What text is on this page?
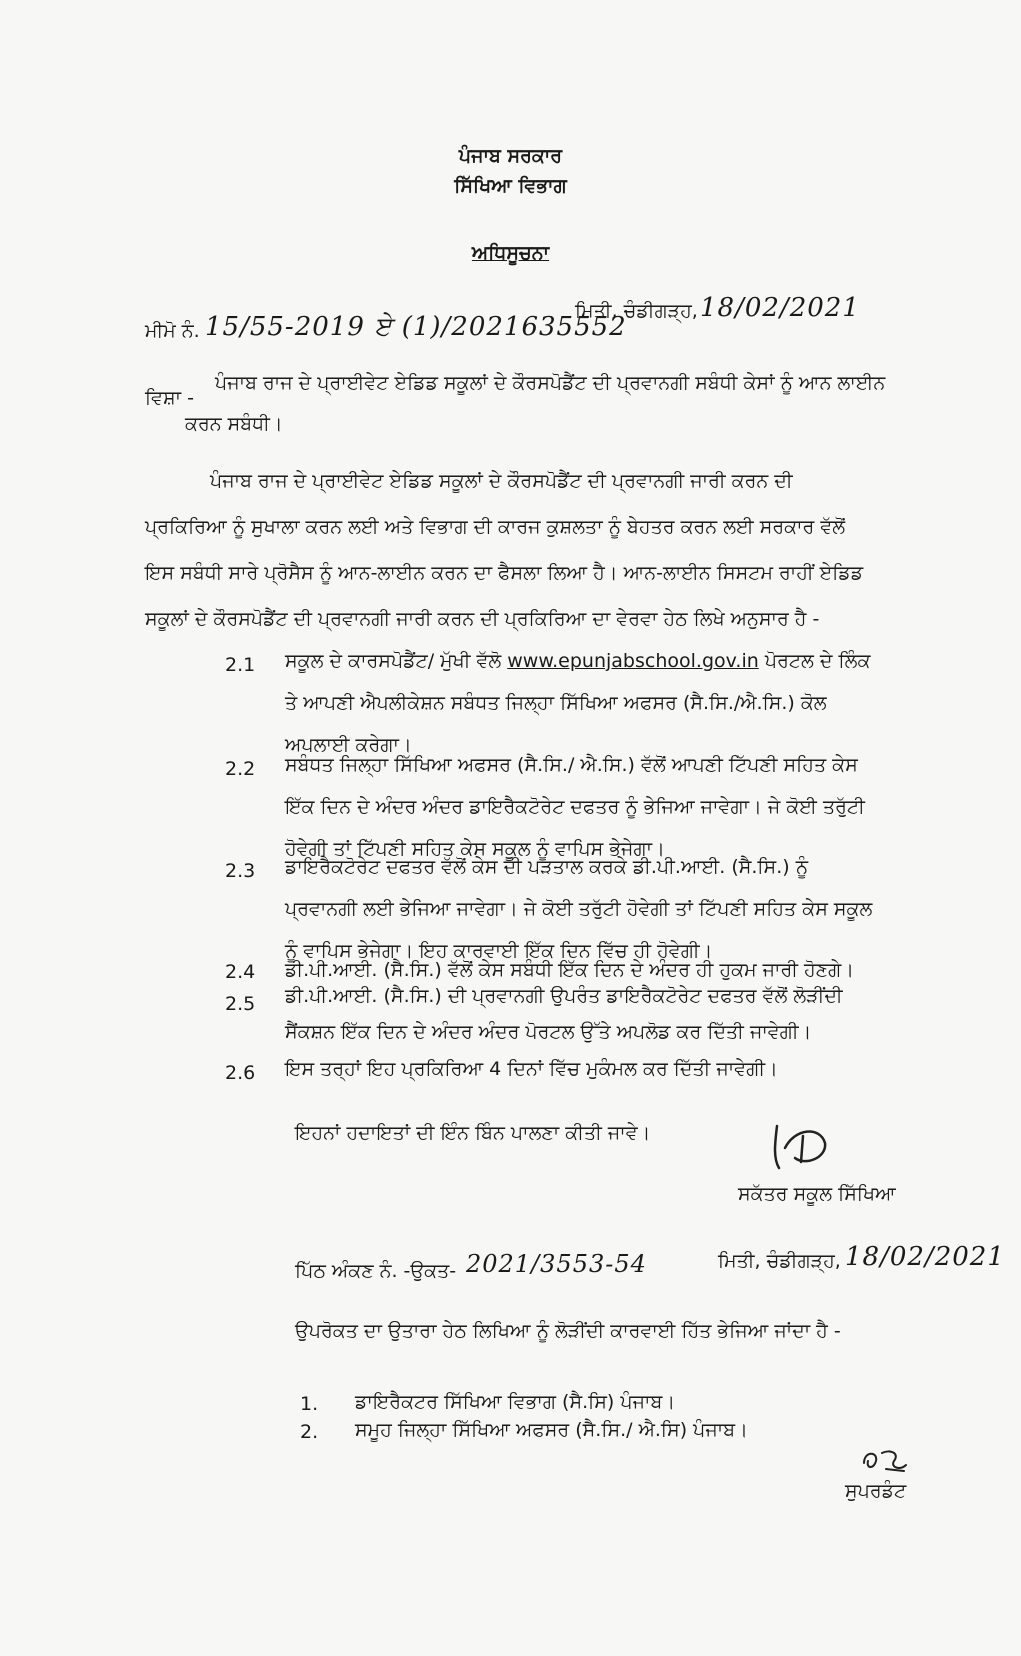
ਪੰਜਾਬ ਸਰਕਾਰ
ਸਿੱਖਿਆ ਵਿਭਾਗ
ਅਧਿਸੂਚਨਾ
ਮੀਮੋ ਨੰ. 15/55-2019 ਏ (1)/2021635552
ਮਿਤੀ, ਚੰਡੀਗੜ੍ਹ, 18/02/2021
ਵਿਸ਼ਾ -
ਪੰਜਾਬ ਰਾਜ ਦੇ ਪ੍ਰਾਈਵੇਟ ਏਡਿਡ ਸਕੂਲਾਂ ਦੇ ਕੌਰਸਪੋਡੈਂਟ ਦੀ ਪ੍ਰਵਾਨਗੀ ਸਬੰਧੀ ਕੇਸਾਂ ਨੂੰ ਆਨ ਲਾਈਨ
ਕਰਨ ਸਬੰਧੀ।
ਪੰਜਾਬ ਰਾਜ ਦੇ ਪ੍ਰਾਈਵੇਟ ਏਡਿਡ ਸਕੂਲਾਂ ਦੇ ਕੌਰਸਪੋਡੈਂਟ ਦੀ ਪ੍ਰਵਾਨਗੀ ਜਾਰੀ ਕਰਨ ਦੀ ਪ੍ਰਕਿਰਿਆ ਨੂੰ ਸੁਖਾਲਾ ਕਰਨ ਲਈ ਅਤੇ ਵਿਭਾਗ ਦੀ ਕਾਰਜ ਕੁਸ਼ਲਤਾ ਨੂੰ ਬੇਹਤਰ ਕਰਨ ਲਈ ਸਰਕਾਰ ਵੱਲੋਂ ਇਸ ਸਬੰਧੀ ਸਾਰੇ ਪ੍ਰੋਸੈਸ ਨੂੰ ਆਨ-ਲਾਈਨ ਕਰਨ ਦਾ ਫੈਸਲਾ ਲਿਆ ਹੈ। ਆਨ-ਲਾਈਨ ਸਿਸਟਮ ਰਾਹੀਂ ਏਡਿਡ ਸਕੂਲਾਂ ਦੇ ਕੌਰਸਪੋਡੈਂਟ ਦੀ ਪ੍ਰਵਾਨਗੀ ਜਾਰੀ ਕਰਨ ਦੀ ਪ੍ਰਕਿਰਿਆ ਦਾ ਵੇਰਵਾ ਹੇਠ ਲਿਖੇ ਅਨੁਸਾਰ ਹੈ -
2.1 ਸਕੂਲ ਦੇ ਕਾਰਸਪੋਡੈਂਟ/ ਮੁੱਖੀ ਵੱਲੋ www.epunjabschool.gov.in ਪੋਰਟਲ ਦੇ ਲਿੰਕ ਤੇ ਆਪਣੀ ਐਪਲੀਕੇਸ਼ਨ ਸਬੰਧਤ ਜਿਲ੍ਹਾ ਸਿੱਖਿਆ ਅਫਸਰ (ਸੈ.ਸਿ./ਐ.ਸਿ.) ਕੋਲ ਅਪਲਾਈ ਕਰੇਗਾ।
2.2 ਸਬੰਧਤ ਜਿਲ੍ਹਾ ਸਿੱਖਿਆ ਅਫਸਰ (ਸੈ.ਸਿ./ ਐ.ਸਿ.) ਵੱਲੋਂ ਆਪਣੀ ਟਿੱਪਣੀ ਸਹਿਤ ਕੇਸ ਇੱਕ ਦਿਨ ਦੇ ਅੰਦਰ ਅੰਦਰ ਡਾਇਰੈਕਟੋਰੇਟ ਦਫਤਰ ਨੂੰ ਭੇਜਿਆ ਜਾਵੇਗਾ। ਜੇ ਕੋਈ ਤਰੁੱਟੀ ਹੋਵੇਗੀ ਤਾਂ ਟਿੱਪਣੀ ਸਹਿਤ ਕੇਸ ਸਕੂਲ ਨੂੰ ਵਾਪਿਸ ਭੇਜੇਗਾ।
2.3 ਡਾਇਰੈਕਟੋਰੇਟ ਦਫਤਰ ਵੱਲੋਂ ਕੇਸ ਦੀ ਪੜਤਾਲ ਕਰਕੇ ਡੀ.ਪੀ.ਆਈ. (ਸੈ.ਸਿ.) ਨੂੰ ਪ੍ਰਵਾਨਗੀ ਲਈ ਭੇਜਿਆ ਜਾਵੇਗਾ। ਜੇ ਕੋਈ ਤਰੁੱਟੀ ਹੋਵੇਗੀ ਤਾਂ ਟਿੱਪਣੀ ਸਹਿਤ ਕੇਸ ਸਕੂਲ ਨੂੰ ਵਾਪਿਸ ਭੇਜੇਗਾ। ਇਹ ਕਾਰਵਾਈ ਇੱਕ ਦਿਨ ਵਿੱਚ ਹੀ ਹੋਵੇਗੀ।
2.4 ਡੀ.ਪੀ.ਆਈ. (ਸੈ.ਸਿ.) ਵੱਲੋਂ ਕੇਸ ਸਬੰਧੀ ਇੱਕ ਦਿਨ ਦੇ ਅੰਦਰ ਹੀ ਹੁਕਮ ਜਾਰੀ ਹੋਣਗੇ।
2.5 ਡੀ.ਪੀ.ਆਈ. (ਸੈ.ਸਿ.) ਦੀ ਪ੍ਰਵਾਨਗੀ ਉਪਰੰਤ ਡਾਇਰੈਕਟੋਰੇਟ ਦਫਤਰ ਵੱਲੋਂ ਲੋੜੀਂਦੀ ਸੈਂਕਸ਼ਨ ਇੱਕ ਦਿਨ ਦੇ ਅੰਦਰ ਅੰਦਰ ਪੋਰਟਲ ਉੱਤੇ ਅਪਲੋਡ ਕਰ ਦਿੱਤੀ ਜਾਵੇਗੀ।
2.6 ਇਸ ਤਰ੍ਹਾਂ ਇਹ ਪ੍ਰਕਿਰਿਆ 4 ਦਿਨਾਂ ਵਿੱਚ ਮੁਕੰਮਲ ਕਰ ਦਿੱਤੀ ਜਾਵੇਗੀ।
ਇਹਨਾਂ ਹਦਾਇਤਾਂ ਦੀ ਇੰਨ ਬਿੰਨ ਪਾਲਣਾ ਕੀਤੀ ਜਾਵੇ।
ਸਕੱਤਰ ਸਕੂਲ ਸਿੱਖਿਆ
ਪਿੱਠ ਅੰਕਣ ਨੰ. -ਉਕਤ- 2021/3553-54	ਮਿਤੀ, ਚੰਡੀਗੜ੍ਹ, 18/02/2021
ਉਪਰੋਕਤ ਦਾ ਉਤਾਰਾ ਹੇਠ ਲਿਖਿਆ ਨੂੰ ਲੋੜੀਂਦੀ ਕਾਰਵਾਈ ਹਿੱਤ ਭੇਜਿਆ ਜਾਂਦਾ ਹੈ -
1. ਡਾਇਰੈਕਟਰ ਸਿੱਖਿਆ ਵਿਭਾਗ (ਸੈ.ਸਿ) ਪੰਜਾਬ।
2. ਸਮੂਹ ਜਿਲ੍ਹਾ ਸਿੱਖਿਆ ਅਫਸਰ (ਸੈ.ਸਿ./ ਐ.ਸਿ) ਪੰਜਾਬ।
ਸੁਪਰਡੰਟ
